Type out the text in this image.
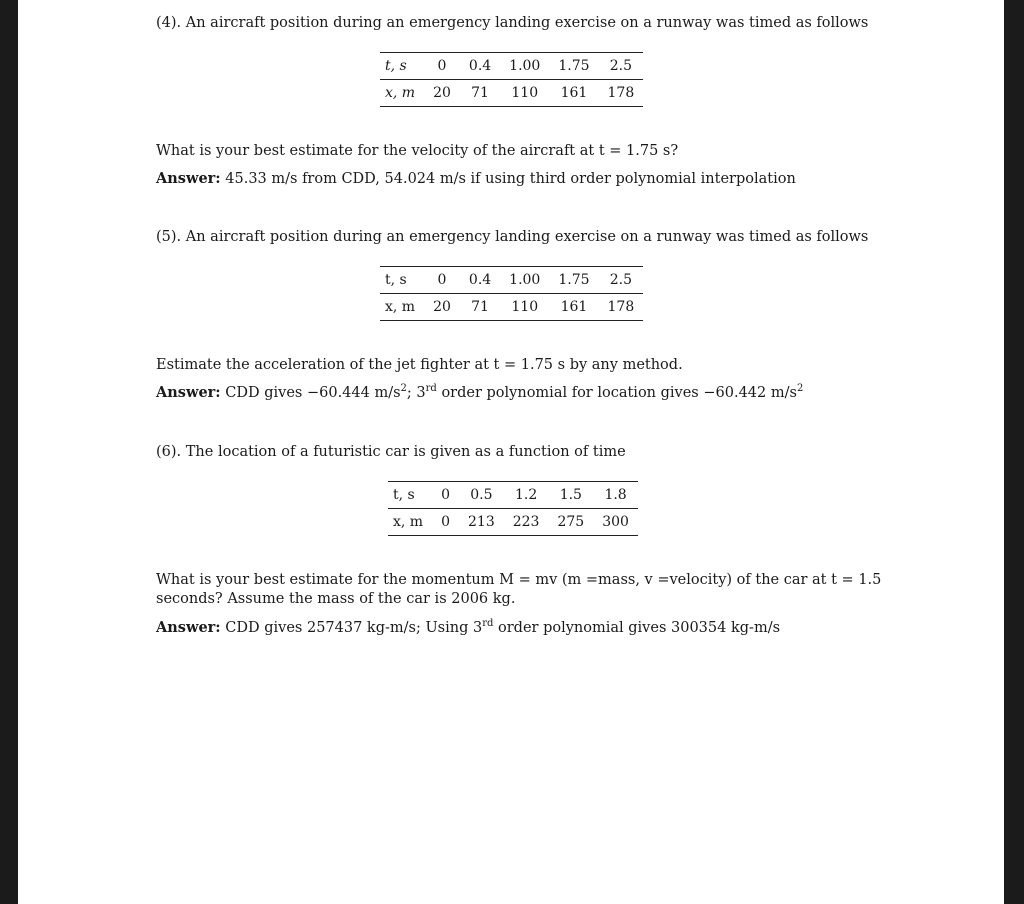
(4). An aircraft position during an emergency landing exercise on a runway was timed as follows
t, s	0	0.4	1.00	1.75	2.5
x, m	20	71	110	161	178
What is your best estimate for the velocity of the aircraft at t = 1.75 s?
Answer: 45.33 m/s from CDD, 54.024 m/s if using third order polynomial interpolation
(5). An aircraft position during an emergency landing exercise on a runway was timed as follows
t, s	0	0.4	1.00	1.75	2.5
x, m	20	71	110	161	178
Estimate the acceleration of the jet fighter at t = 1.75 s by any method.
Answer: CDD gives −60.444 $m/s^2$; 3rd order polynomial for location gives −60.442 $m/s^2$
(6). The location of a futuristic car is given as a function of time
t, s	0	0.5	1.2	1.5	1.8
x, m	0	213	223	275	300
What is your best estimate for the momentum M = mv (m =mass, v =velocity) of the car at t = 1.5
seconds? Assume the mass of the car is 2006 kg.
Answer: CDD gives 257437 kg-m/s; Using 3rd order polynomial gives 300354 kg-m/s
